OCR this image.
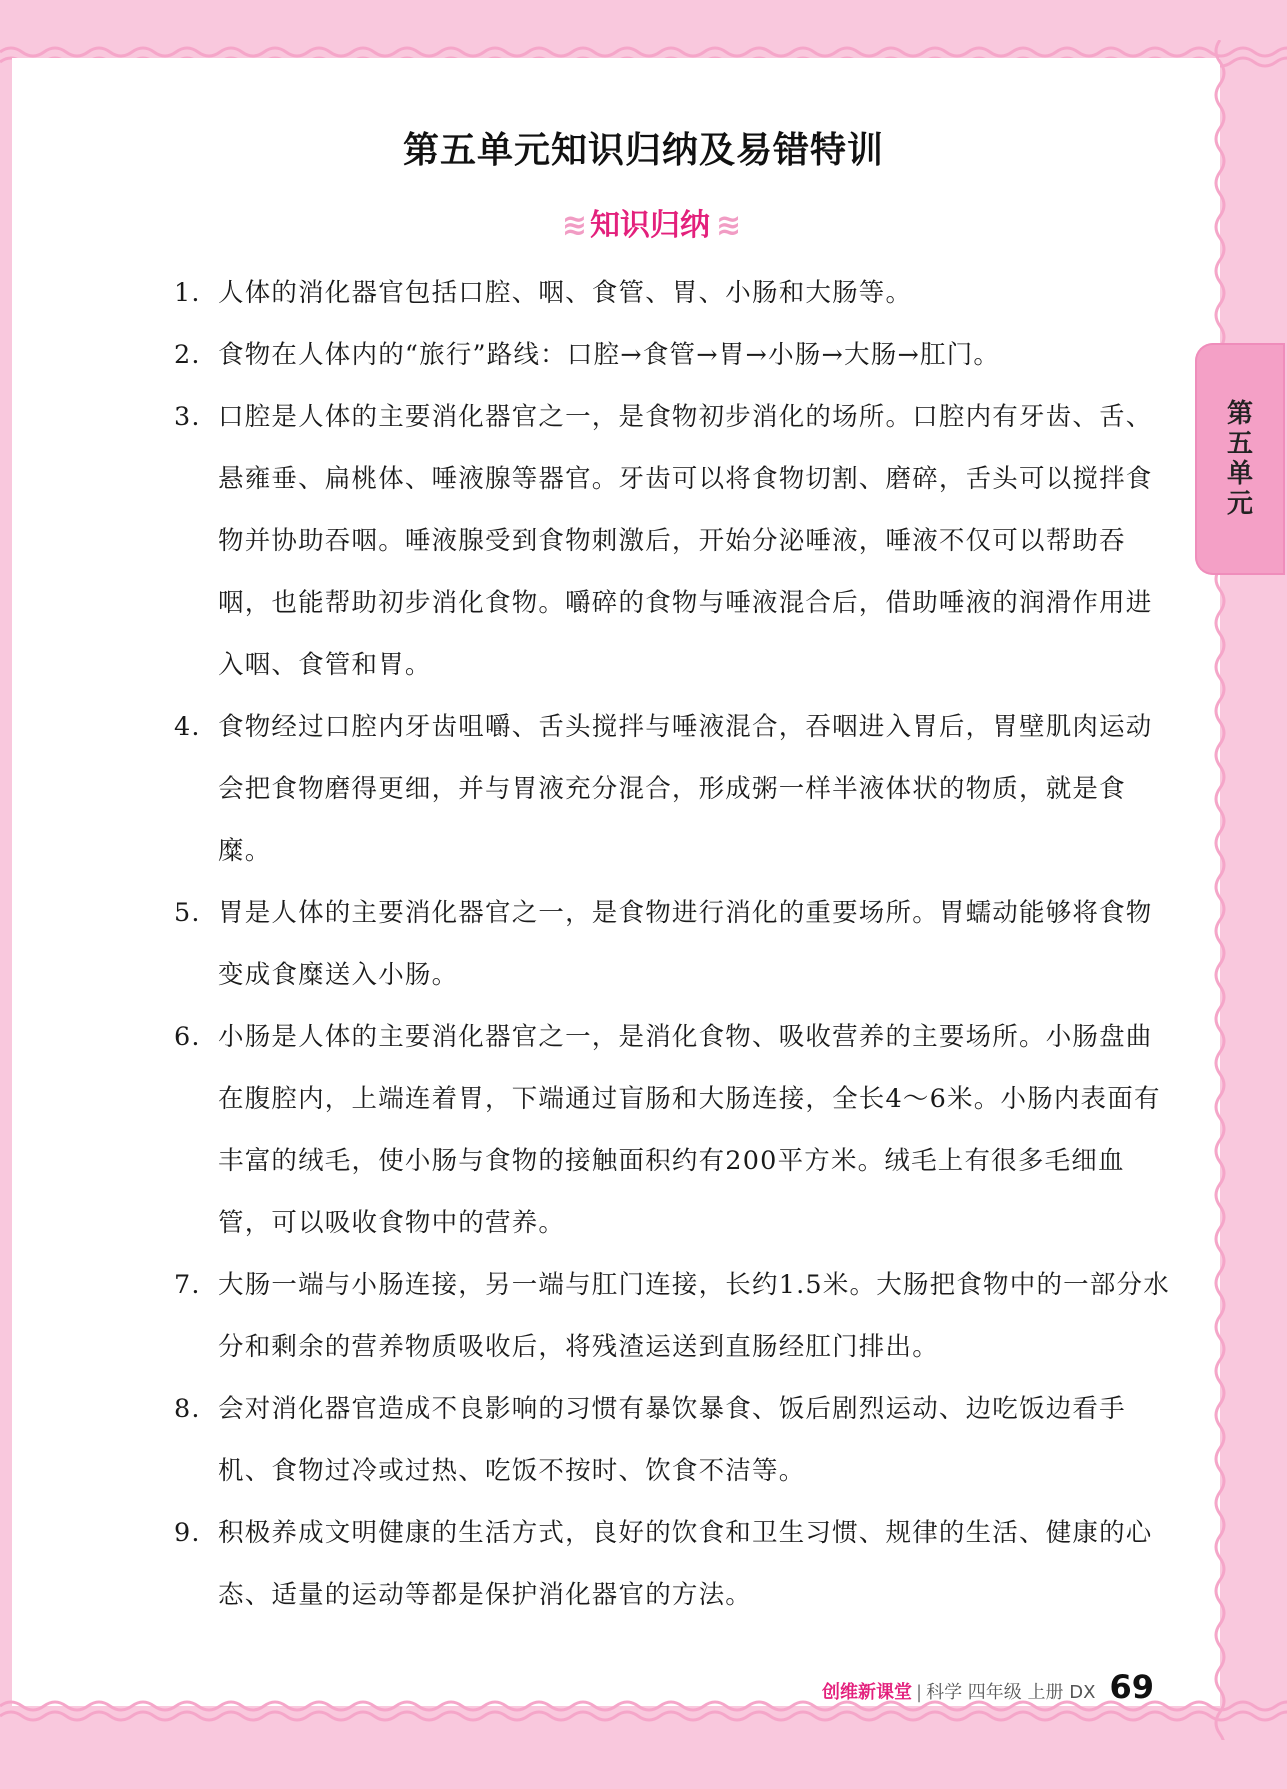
第五单元
第五单元知识归纳及易错特训
≋ 知识归纳 ≋
1. 人体的消化器官包括口腔、咽、食管、胃、小肠和大肠等。
2. 食物在人体内的“旅行”路线：口腔→食管→胃→小肠→大肠→肛门。
3. 口腔是人体的主要消化器官之一，是食物初步消化的场所。口腔内有牙齿、舌、悬雍垂、扁桃体、唾液腺等器官。牙齿可以将食物切割、磨碎，舌头可以搅拌食物并协助吞咽。唾液腺受到食物刺激后，开始分泌唾液，唾液不仅可以帮助吞咽，也能帮助初步消化食物。嚼碎的食物与唾液混合后，借助唾液的润滑作用进入咽、食管和胃。
4. 食物经过口腔内牙齿咀嚼、舌头搅拌与唾液混合，吞咽进入胃后，胃壁肌肉运动会把食物磨得更细，并与胃液充分混合，形成粥一样半液体状的物质，就是食糜。
5. 胃是人体的主要消化器官之一，是食物进行消化的重要场所。胃蠕动能够将食物变成食糜送入小肠。
6. 小肠是人体的主要消化器官之一，是消化食物、吸收营养的主要场所。小肠盘曲在腹腔内，上端连着胃，下端通过盲肠和大肠连接，全长4～6米。小肠内表面有丰富的绒毛，使小肠与食物的接触面积约有200平方米。绒毛上有很多毛细血管，可以吸收食物中的营养。
7. 大肠一端与小肠连接，另一端与肛门连接，长约1.5米。大肠把食物中的一部分水分和剩余的营养物质吸收后，将残渣运送到直肠经肛门排出。
8. 会对消化器官造成不良影响的习惯有暴饮暴食、饭后剧烈运动、边吃饭边看手机、食物过冷或过热、吃饭不按时、饮食不洁等。
9. 积极养成文明健康的生活方式，良好的饮食和卫生习惯、规律的生活、健康的心态、适量的运动等都是保护消化器官的方法。
创维新课堂 | 科学 四年级 上册 DX 69
